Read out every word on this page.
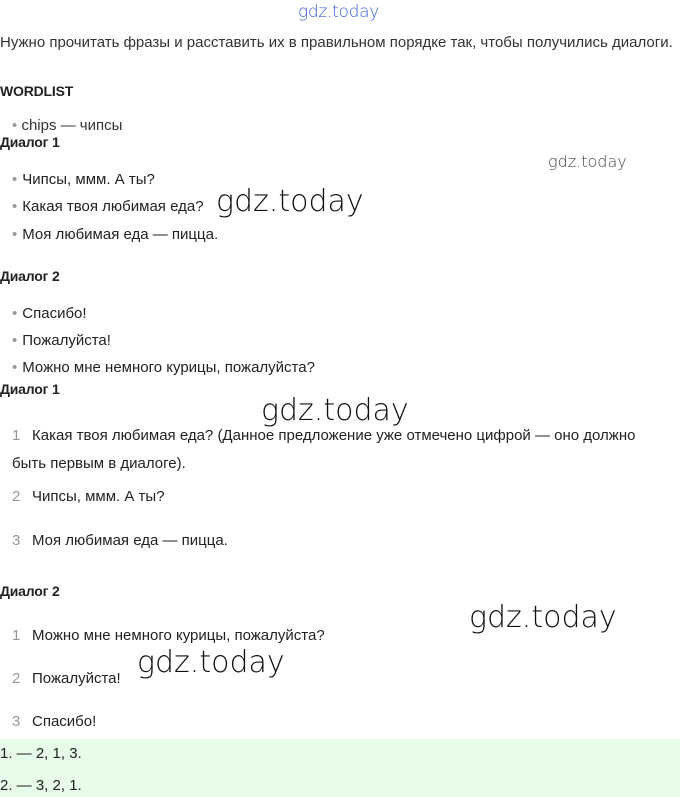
gdz.today
Нужно прочитать фразы и расставить их в правильном порядке так, чтобы получились диалоги.
WORDLIST
• chips — чипсы
Диалог 1
• Чипсы, ммм. А ты?
• Какая твоя любимая еда?
• Моя любимая еда — пицца.
Диалог 2
• Спасибо!
• Пожалуйста!
• Можно мне немного курицы, пожалуйста?
Диалог 1
1 Какая твоя любимая еда? (Данное предложение уже отмечено цифрой — оно должно быть первым в диалоге).
2 Чипсы, ммм. А ты?
3 Моя любимая еда — пицца.
Диалог 2
1 Можно мне немного курицы, пожалуйста?
2 Пожалуйста!
3 Спасибо!
1. — 2, 1, 3.
2. — 3, 2, 1.
gdz.today
gdz.today
gdz.today
gdz.today
gdz.today
